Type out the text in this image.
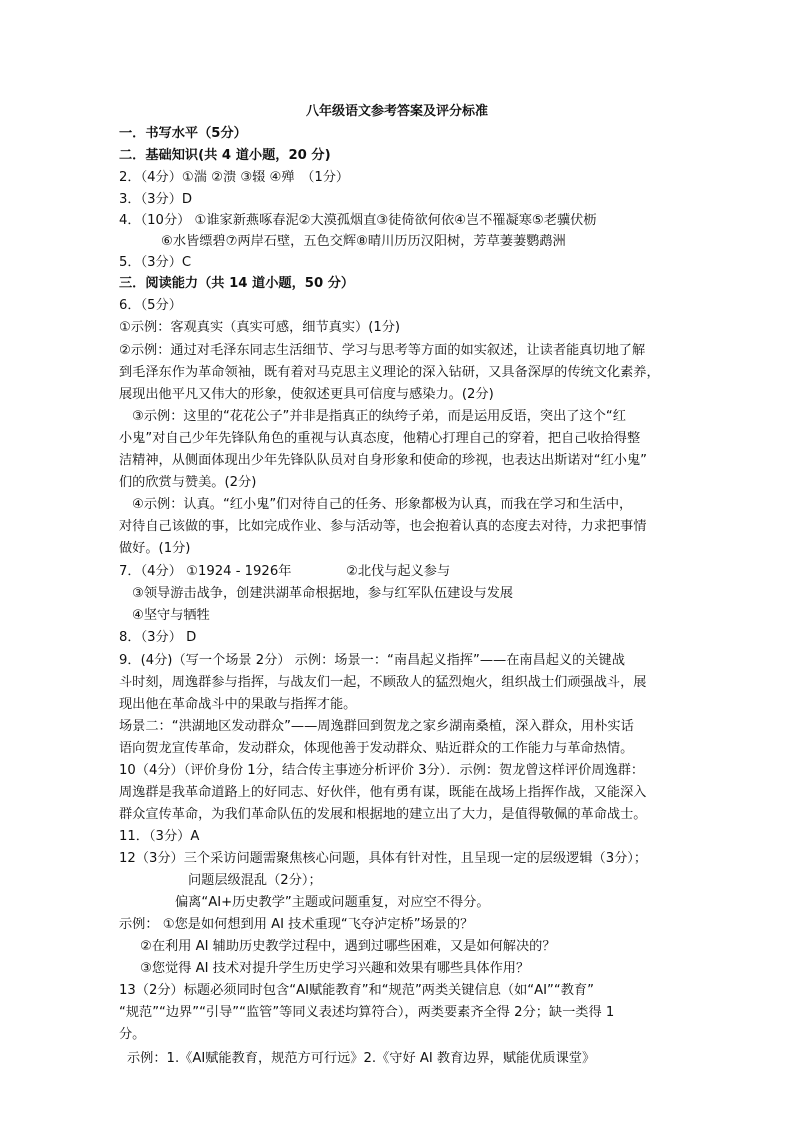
八年级语文参考答案及评分标准
一．书写水平（5分）
二．基础知识(共 4 道小题，20 分)
2．（4分）①湍 ②溃 ③辍 ④殚　（1分）
3．（3分）D
4．（10分） ①谁家新燕啄春泥②大漠孤烟直③徒倚欲何依④岂不罹凝寒⑤老骥伏枥
⑥水皆缥碧⑦两岸石壁，五色交辉⑧晴川历历汉阳树，芳草萋萋鹦鹉洲
5．（3分）C
三．阅读能力（共 14 道小题，50 分）
6．（5分）
①示例：客观真实（真实可感，细节真实）(1分)
②示例：通过对毛泽东同志生活细节、学习与思考等方面的如实叙述，让读者能真切地了解
到毛泽东作为革命领袖，既有着对马克思主义理论的深入钻研，又具备深厚的传统文化素养，
展现出他平凡又伟大的形象，使叙述更具可信度与感染力。(2分)
③示例：这里的“花花公子”并非是指真正的纨绔子弟，而是运用反语，突出了这个“红
小鬼”对自己少年先锋队角色的重视与认真态度，他精心打理自己的穿着，把自己收拾得整
洁精神，从侧面体现出少年先锋队队员对自身形象和使命的珍视，也表达出斯诺对“红小鬼”
们的欣赏与赞美。(2分)
④示例：认真。“红小鬼”们对待自己的任务、形象都极为认真，而我在学习和生活中，
对待自己该做的事，比如完成作业、参与活动等，也会抱着认真的态度去对待，力求把事情
做好。(1分)
7．（4分） ①1924 - 1926年	②北伐与起义参与
③领导游击战争，创建洪湖革命根据地，参与红军队伍建设与发展
④坚守与牺牲
8．（3分） D
9．(4分)（写一个场景 2分） 示例：场景一：“南昌起义指挥”——在南昌起义的关键战
斗时刻，周逸群参与指挥，与战友们一起，不顾敌人的猛烈炮火，组织战士们顽强战斗，展
现出他在革命战斗中的果敢与指挥才能。
场景二：“洪湖地区发动群众”——周逸群回到贺龙之家乡湖南桑植，深入群众，用朴实话
语向贺龙宣传革命，发动群众，体现他善于发动群众、贴近群众的工作能力与革命热情。
10（4分）（评价身份 1分，结合传主事迹分析评价 3分）．示例：贺龙曾这样评价周逸群：
周逸群是我革命道路上的好同志、好伙伴，他有勇有谋，既能在战场上指挥作战，又能深入
群众宣传革命，为我们革命队伍的发展和根据地的建立出了大力，是值得敬佩的革命战士。
11．（3分）A
12（3分）三个采访问题需聚焦核心问题，具体有针对性，且呈现一定的层级逻辑（3分）；
问题层级混乱（2分）；
偏离“AI+历史教学”主题或问题重复，对应空不得分。
示例： ①您是如何想到用 AI 技术重现“飞夺泸定桥”场景的？
②在利用 AI 辅助历史教学过程中，遇到过哪些困难，又是如何解决的？
③您觉得 AI 技术对提升学生历史学习兴趣和效果有哪些具体作用？
13（2分）标题必须同时包含“AI赋能教育”和“规范”两类关键信息（如“AI”“教育”
“规范”“边界”“引导”“监管”等同义表述均算符合），两类要素齐全得 2分；缺一类得 1
分。
示例：1.《AI赋能教育，规范方可行远》2.《守好 AI 教育边界，赋能优质课堂》
